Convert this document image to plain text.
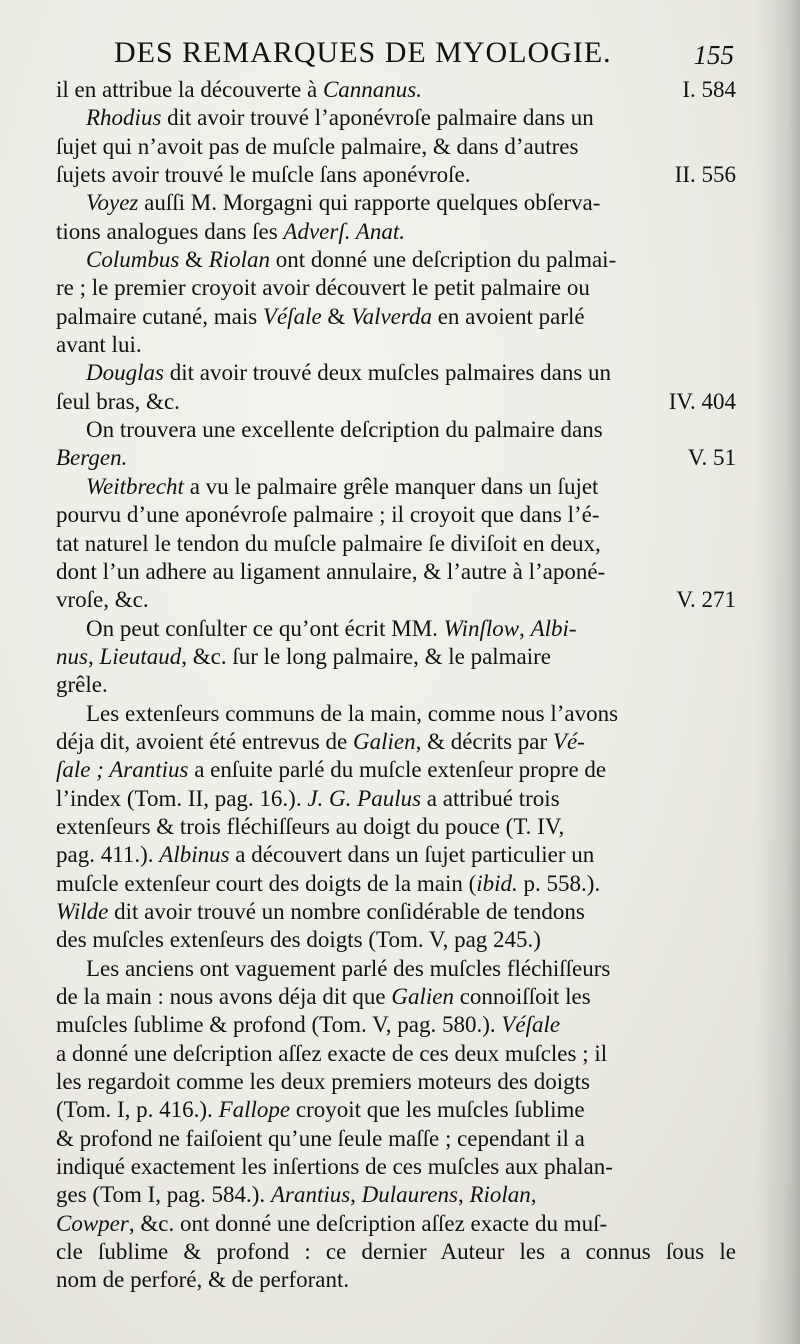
DES REMARQUES DE MYOLOGIE.	155
il en attribue la découverte à Cannanus.	I. 584
Rhodius dit avoir trouvé l’aponévroſe palmaire dans un
ſujet qui n’avoit pas de muſcle palmaire, & dans d’autres
ſujets avoir trouvé le muſcle ſans aponévroſe.	II. 556
Voyez auſſi M. Morgagni qui rapporte quelques obſerva-
tions analogues dans ſes Adverſ. Anat.
Columbus & Riolan ont donné une deſcription du palmai-
re ; le premier croyoit avoir découvert le petit palmaire ou
palmaire cutané, mais Véſale & Valverda en avoient parlé
avant lui.
Douglas dit avoir trouvé deux muſcles palmaires dans un
ſeul bras, &c.	IV. 404
On trouvera une excellente deſcription du palmaire dans
Bergen.	V. 51
Weitbrecht a vu le palmaire grêle manquer dans un ſujet
pourvu d’une aponévroſe palmaire ; il croyoit que dans l’é-
tat naturel le tendon du muſcle palmaire ſe diviſoit en deux,
dont l’un adhere au ligament annulaire, & l’autre à l’aponé-
vroſe, &c.	V. 271
On peut conſulter ce qu’ont écrit MM. Winſlow, Albi-
nus, Lieutaud, &c. ſur le long palmaire, & le palmaire
grêle.
Les extenſeurs communs de la main, comme nous l’avons
déja dit, avoient été entrevus de Galien, & décrits par Vé-
ſale ; Arantius a enſuite parlé du muſcle extenſeur propre de
l’index (Tom. II, pag. 16.). J. G. Paulus a attribué trois
extenſeurs & trois fléchiſſeurs au doigt du pouce (T. IV,
pag. 411.). Albinus a découvert dans un ſujet particulier un
muſcle extenſeur court des doigts de la main (ibid. p. 558.).
Wilde dit avoir trouvé un nombre conſidérable de tendons
des muſcles extenſeurs des doigts (Tom. V, pag 245.)
Les anciens ont vaguement parlé des muſcles fléchiſſeurs
de la main : nous avons déja dit que Galien connoiſſoit les
muſcles ſublime & profond (Tom. V, pag. 580.). Véſale
a donné une deſcription aſſez exacte de ces deux muſcles ; il
les regardoit comme les deux premiers moteurs des doigts
(Tom. I, p. 416.). Fallope croyoit que les muſcles ſublime
& profond ne faiſoient qu’une ſeule maſſe ; cependant il a
indiqué exactement les inſertions de ces muſcles aux phalan-
ges (Tom I, pag. 584.). Arantius, Dulaurens, Riolan,
Cowper, &c. ont donné une deſcription aſſez exacte du muſ-
cle ſublime & profond : ce dernier Auteur les a connus ſous le
nom de perforé, & de perforant.
